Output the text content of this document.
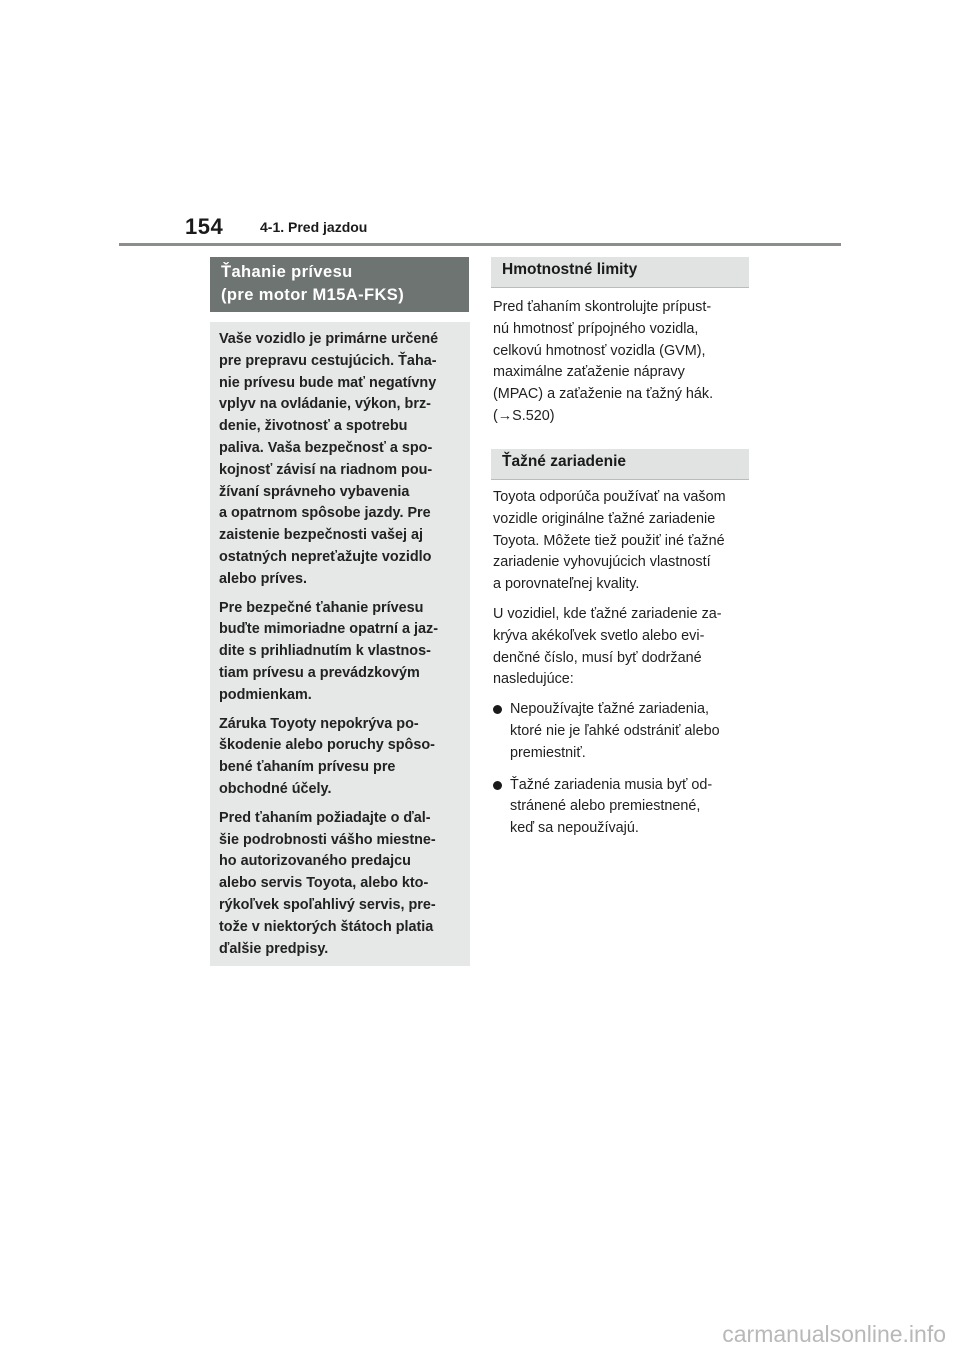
154	4-1. Pred jazdou
Ťahanie prívesu
(pre motor M15A-FKS)

Vaše vozidlo je primárne určené
pre prepravu cestujúcich. Ťaha-
nie prívesu bude mať negatívny
vplyv na ovládanie, výkon, brz-
denie, životnosť a spotrebu
paliva. Vaša bezpečnosť a spo-
kojnosť závisí na riadnom pou-
žívaní správneho vybavenia
a opatrnom spôsobe jazdy. Pre
zaistenie bezpečnosti vašej aj
ostatných nepreťažujte vozidlo
alebo príves.

Pre bezpečné ťahanie prívesu
buďte mimoriadne opatrní a jaz-
dite s prihliadnutím k vlastnos-
tiam prívesu a prevádzkovým
podmienkam.

Záruka Toyoty nepokrýva po-
škodenie alebo poruchy spôso-
bené ťahaním prívesu pre
obchodné účely.

Pred ťahaním požiadajte o ďal-
šie podrobnosti vášho miestne-
ho autorizovaného predajcu
alebo servis Toyota, alebo kto-
rýkoľvek spoľahlivý servis, pre-
tože v niektorých štátoch platia
ďalšie predpisy.

Hmotnostné limity

Pred ťahaním skontrolujte prípust-
nú hmotnosť prípojného vozidla,
celkovú hmotnosť vozidla (GVM),
maximálne zaťaženie nápravy
(MPAC) a zaťaženie na ťažný hák.
(→S.520)

Ťažné zariadenie

Toyota odporúča používať na vašom
vozidle originálne ťažné zariadenie
Toyota. Môžete tiež použiť iné ťažné
zariadenie vyhovujúcich vlastností
a porovnateľnej kvality.

U vozidiel, kde ťažné zariadenie za-
krýva akékoľvek svetlo alebo evi-
denčné číslo, musí byť dodržané
nasledujúce:

Nepoužívajte ťažné zariadenia,
ktoré nie je ľahké odstrániť alebo
premiestniť.
Ťažné zariadenia musia byť od-
stránené alebo premiestnené,
keď sa nepoužívajú.
carmanualsonline.info
